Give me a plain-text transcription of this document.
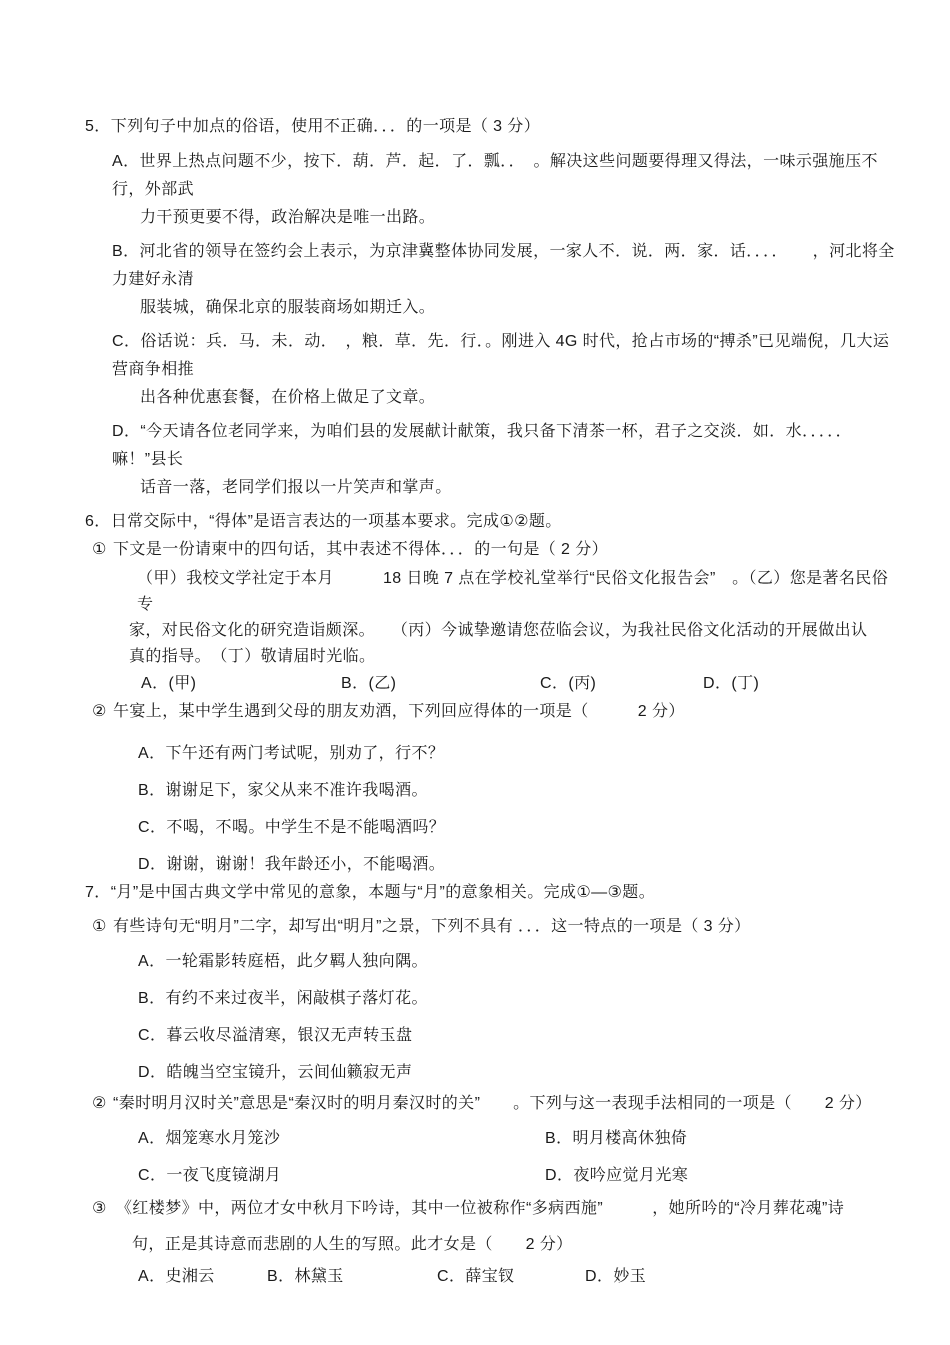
5．下列句子中加点的俗语，使用不正确．．．的一项是（ 3 分）
A．世界上热点问题不少，按下．葫．芦．起．了．瓢．．　。解决这些问题要得理又得法，一味示强施压不行，外部武
力干预更要不得，政治解决是唯一出路。
B．河北省的领导在签约会上表示，为京津冀整体协同发展，一家人不．说．两．家．话．．．．　　，河北将全力建好永清
服装城，确保北京的服装商场如期迁入。
C．俗话说：兵．马．未．动．　，粮．草．先．行．。刚进入 4G 时代，抢占市场的“搏杀”已见端倪，几大运营商争相推
出各种优惠套餐，在价格上做足了文章。
D．“今天请各位老同学来，为咱们县的发展献计献策，我只备下清茶一杯，君子之交淡．如．水．．．．．　嘛！”县长
话音一落，老同学们报以一片笑声和掌声。
6．日常交际中，“得体”是语言表达的一项基本要求。完成①②题。
① 下文是一份请柬中的四句话，其中表述不得体．．．的一句是（ 2 分）
（甲）我校文学社定于本月　　　18 日晚 7 点在学校礼堂举行“民俗文化报告会”　。（乙）您是著名民俗专
家，对民俗文化的研究造诣颇深。　　（丙）今诚挚邀请您莅临会议，为我社民俗文化活动的开展做出认
真的指导。　（丁）敬请届时光临。
A．(甲)	B．(乙)	C．(丙)	D．(丁)
② 午宴上，某中学生遇到父母的朋友劝酒，下列回应得体的一项是（　　　2 分）
A．下午还有两门考试呢，别劝了，行不？
B．谢谢足下，家父从来不准许我喝酒。
C．不喝，不喝。中学生不是不能喝酒吗？
D．谢谢，谢谢！我年龄还小，不能喝酒。
7．“月”是中国古典文学中常见的意象，本题与“月”的意象相关。完成①—③题。
① 有些诗句无“明月”二字，却写出“明月”之景，下列不具有 ．．．这一特点的一项是（ 3 分）
A．一轮霜影转庭梧，此夕羁人独向隅。
B．有约不来过夜半，闲敲棋子落灯花。
C．暮云收尽溢清寒，银汉无声转玉盘
D．皓魄当空宝镜升，云间仙籁寂无声
② “秦时明月汉时关”意思是“秦汉时的明月秦汉时的关”　　。下列与这一表现手法相同的一项是（　　2 分）
A．烟笼寒水月笼沙	B．明月楼高休独倚
C．一夜飞度镜湖月	D．夜吟应觉月光寒
③ 《红楼梦》中，两位才女中秋月下吟诗，其中一位被称作“多病西施”　　　，她所吟的“冷月葬花魂”诗
句，正是其诗意而悲剧的人生的写照。此才女是（　　2 分）
A．史湘云	B．林黛玉	C．薛宝钗	D．妙玉
